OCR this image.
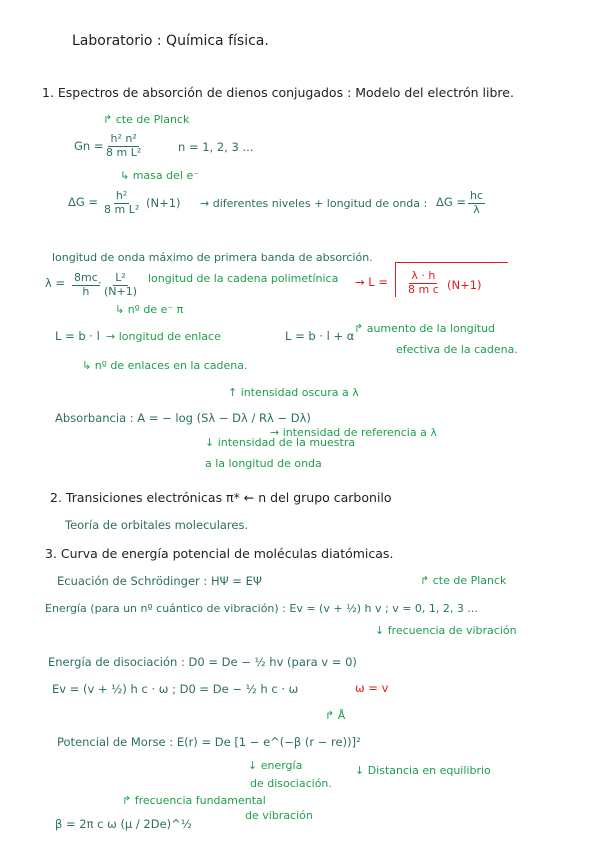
Laboratorio : Química física.
1. Espectros de absorción de dienos conjugados : Modelo del electrón libre.
↱ cte de Planck
$Gn = \frac{\text{h² n²}}{\text{8 m L²}}$	n = 1, 2, 3 ...
↳ masa del e⁻
$\Delta G = \frac{\text{h²}}{\text{8 m L²}} (N+1)$ → diferentes niveles + longitud de onda : $\Delta G = \frac{hc}{\lambda}$
longitud de onda máximo de primera banda de absorción.
$\lambda = \frac{8mc}{h}$
· $\frac{\text{L²}}{(N+1)}$ longitud de la cadena polimetínica → $L = \frac{\lambda \cdot h}{\text{8 m c}} (N+1)$
↳ nº de e⁻ π
L = b · l → longitud de enlace
↳ nº de enlaces en la cadena.
L = b · l + α
↱ aumento de la longitud
efectiva de la cadena.
↑ intensidad oscura a λ
Absorbancia : A = − log (Sλ − Dλ / Rλ − Dλ)
↓ intensidad de la muestra
a la longitud de onda
→ intensidad de referencia a λ
2. Transiciones electrónicas π* ← n del grupo carbonilo
Teoría de orbitales moleculares.
3. Curva de energía potencial de moléculas diatómicas.
Ecuación de Schrödinger : HΨ = EΨ	↱ cte de Planck
Energía (para un nº cuántico de vibración) : Ev = (v + ½) h v ; v = 0, 1, 2, 3 ...
↓ frecuencia de vibración
Energía de disociación : D0 = De − ½ hv (para v = 0)
Ev = (v + ½) h c · ω ; D0 = De − ½ h c · ω	ω = v
↱ Å
Potencial de Morse : E(r) = De [1 − e^(−β (r − re))]²
↓ energía
de disociación.
↓ Distancia en equilibrio
↱ frecuencia fundamental
de vibración
β = 2π c ω (μ / 2De)^½
